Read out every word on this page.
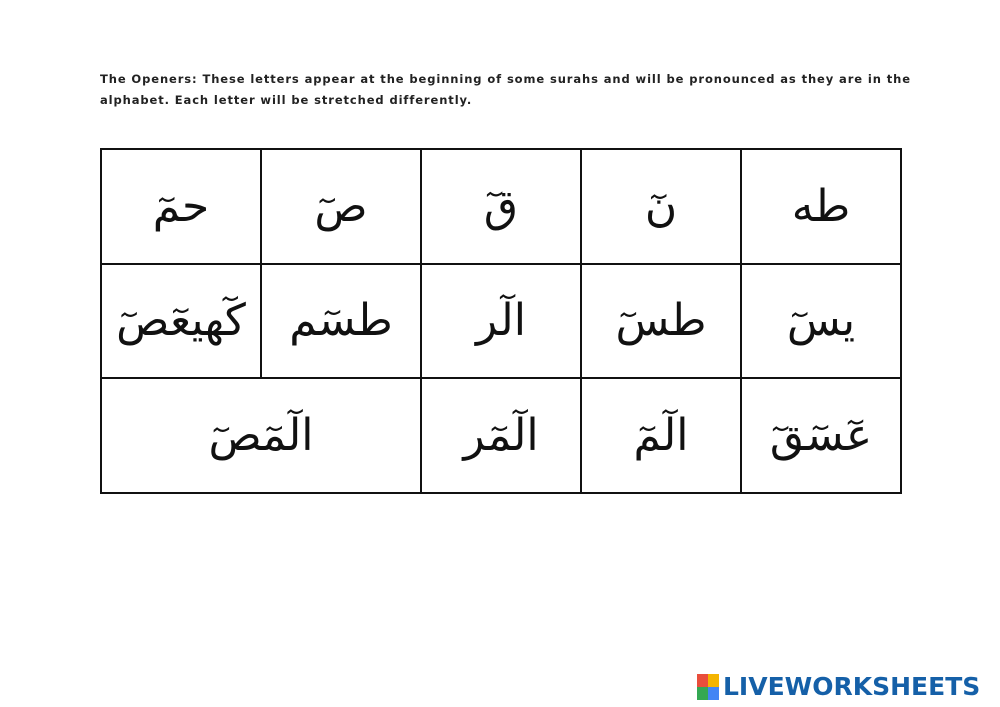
The Openers: These letters appear at the beginning of some surahs and will be pronounced as they are in the alphabet. Each letter will be stretched differently.

حمٓ	صٓ	قٓ	نٓ	طه
كٓهيعٓصٓ	طسٓم	الٓر	طسٓ	يسٓ
الٓمٓصٓ		الٓمٓر	الٓمٓ	عٓسٓقٓ
LIVEWORKSHEETS
